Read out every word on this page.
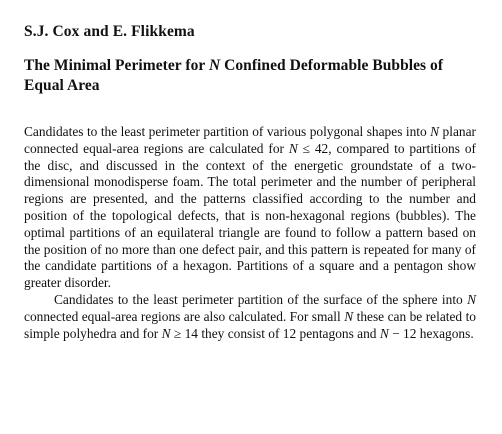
S.J. Cox and E. Flikkema
The Minimal Perimeter for N Confined Deformable Bubbles of Equal Area

Candidates to the least perimeter partition of various polygonal shapes into N planar connected equal-area regions are calculated for N ≤ 42, compared to partitions of the disc, and discussed in the context of the energetic groundstate of a two-dimensional monodisperse foam. The total perimeter and the number of peripheral regions are presented, and the patterns classified according to the number and position of the topological defects, that is non-hexagonal regions (bubbles). The optimal partitions of an equilateral triangle are found to follow a pattern based on the position of no more than one defect pair, and this pattern is repeated for many of the candidate partitions of a hexagon. Partitions of a square and a pentagon show greater disorder.

Candidates to the least perimeter partition of the surface of the sphere into N connected equal-area regions are also calculated. For small N these can be related to simple polyhedra and for N ≥ 14 they consist of 12 pentagons and N − 12 hexagons.
